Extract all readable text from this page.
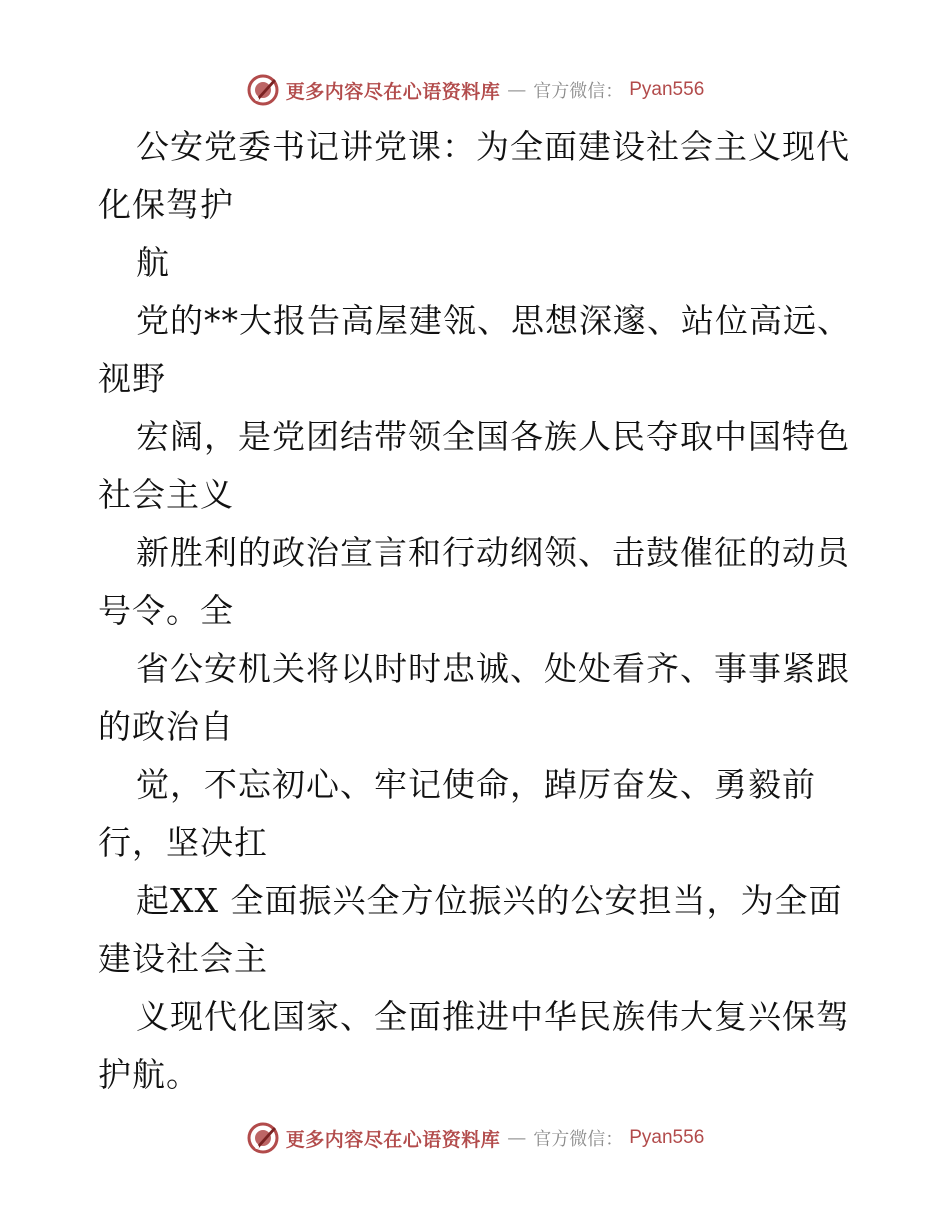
更多内容尽在心语资料库 — 官方微信： Pyan556
公安党委书记讲党课：为全面建设社会主义现代
化保驾护
航
党的**大报告高屋建瓴、思想深邃、站位高远、
视野
宏阔，是党团结带领全国各族人民夺取中国特色
社会主义
新胜利的政治宣言和行动纲领、击鼓催征的动员
号令。全
省公安机关将以时时忠诚、处处看齐、事事紧跟
的政治自
觉，不忘初心、牢记使命，踔厉奋发、勇毅前
行，坚决扛
起XX 全面振兴全方位振兴的公安担当，为全面
建设社会主
义现代化国家、全面推进中华民族伟大复兴保驾
护航。
更多内容尽在心语资料库 — 官方微信： Pyan556
